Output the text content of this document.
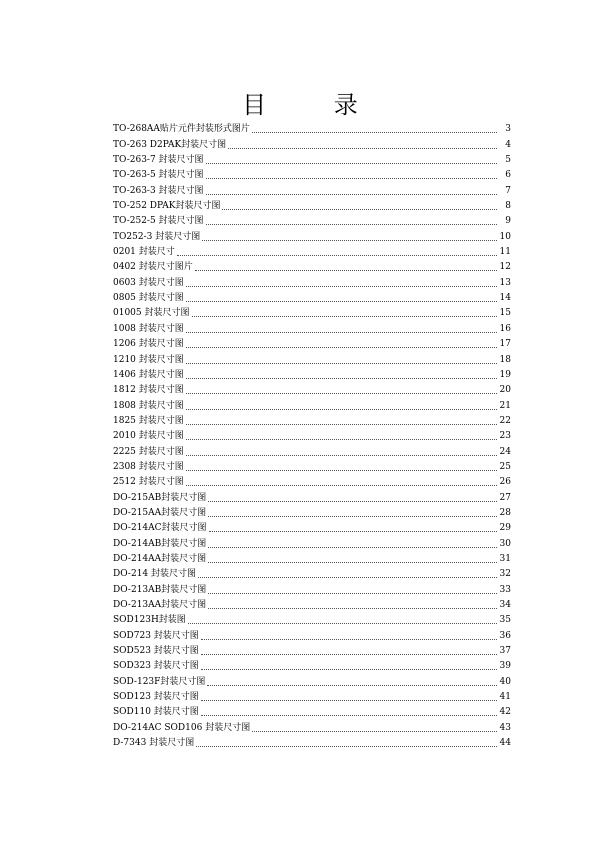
目 录
TO-268AA贴片元件封装形式图片	3
TO-263 D2PAK封装尺寸图	4
TO-263-7 封装尺寸图	5
TO-263-5 封装尺寸图	6
TO-263-3 封装尺寸图	7
TO-252 DPAK封装尺寸图	8
TO-252-5 封装尺寸图	9
TO252-3 封装尺寸图	10
0201 封装尺寸	11
0402 封装尺寸图片	12
0603 封装尺寸图	13
0805 封装尺寸图	14
01005 封装尺寸图	15
1008 封装尺寸图	16
1206 封装尺寸图	17
1210 封装尺寸图	18
1406 封装尺寸图	19
1812 封装尺寸图	20
1808 封装尺寸图	21
1825 封装尺寸图	22
2010 封装尺寸图	23
2225 封装尺寸图	24
2308 封装尺寸图	25
2512 封装尺寸图	26
DO-215AB封装尺寸图	27
DO-215AA封装尺寸图	28
DO-214AC封装尺寸图	29
DO-214AB封装尺寸图	30
DO-214AA封装尺寸图	31
DO-214 封装尺寸图	32
DO-213AB封装尺寸图	33
DO-213AA封装尺寸图	34
SOD123H封装图	35
SOD723 封装尺寸图	36
SOD523 封装尺寸图	37
SOD323 封装尺寸图	39
SOD-123F封装尺寸图	40
SOD123 封装尺寸图	41
SOD110 封装尺寸图	42
DO-214AC SOD106 封装尺寸图	43
D-7343 封装尺寸图	44
